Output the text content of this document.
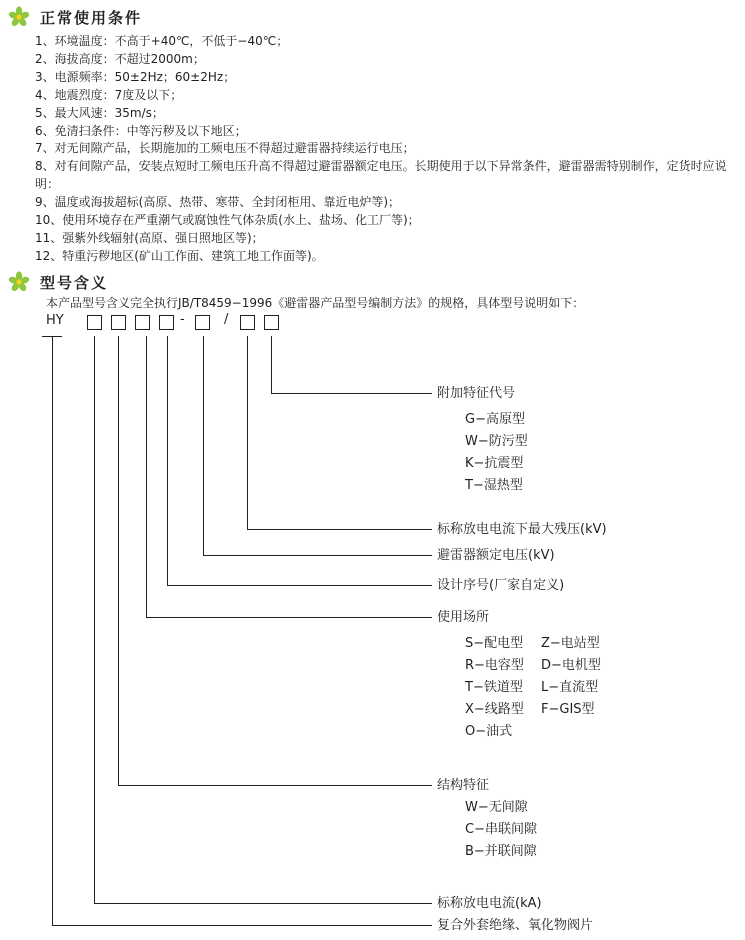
正常使用条件
1、环境温度：不高于+40℃，不低于−40℃；
2、海拔高度：不超过2000m；
3、电源频率：50±2Hz；60±2Hz；
4、地震烈度：7度及以下；
5、最大风速：35m/s；
6、免清扫条件：中等污秽及以下地区；
7、对无间隙产品，长期施加的工频电压不得超过避雷器持续运行电压；
8、对有间隙产品，安装点短时工频电压升高不得超过避雷器额定电压。长期使用于以下异常条件，避雷器需特别制作，定货时应说明：
9、温度或海拔超标(高原、热带、寒带、全封闭柜用、靠近电炉等)；
10、使用环境存在严重潮气或腐蚀性气体杂质(水上、盐场、化工厂等)；
11、强紫外线辐射(高原、强日照地区等)；
12、特重污秽地区(矿山工作面、建筑工地工作面等)。
型号含义
本产品型号含义完全执行JB/T8459−1996《避雷器产品型号编制方法》的规格，具体型号说明如下：
HY	-	/
附加特征代号
G−高原型
W−防污型
K−抗震型
T−湿热型
标称放电电流下最大残压(kV)
避雷器额定电压(kV)
设计序号(厂家自定义)
使用场所
S−配电型 Z−电站型
R−电容型 D−电机型
T−铁道型 L−直流型
X−线路型 F−GIS型
O−油式
结构特征
W−无间隙
C−串联间隙
B−并联间隙
标称放电电流(kA)
复合外套绝缘、氧化物阀片
